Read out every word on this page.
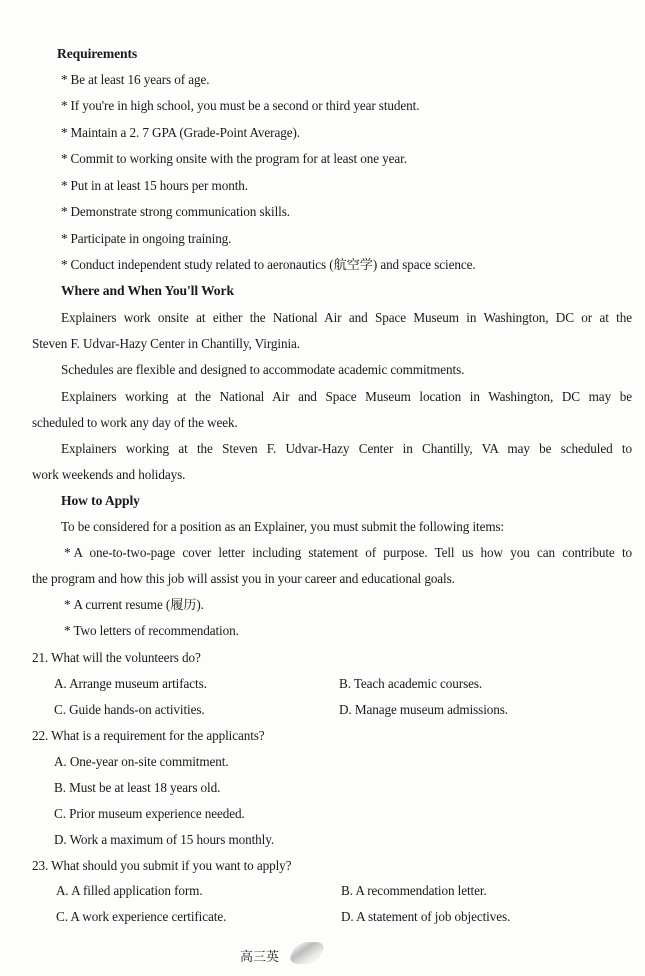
Requirements
* Be at least 16 years of age.
* If you're in high school, you must be a second or third year student.
* Maintain a 2. 7 GPA (Grade-Point Average).
* Commit to working onsite with the program for at least one year.
* Put in at least 15 hours per month.
* Demonstrate strong communication skills.
* Participate in ongoing training.
* Conduct independent study related to aeronautics (航空学) and space science.
Where and When You'll Work
Explainers work onsite at either the National Air and Space Museum in Washington, DC or at the
Steven F. Udvar-Hazy Center in Chantilly, Virginia.
Schedules are flexible and designed to accommodate academic commitments.
Explainers working at the National Air and Space Museum location in Washington, DC may be
scheduled to work any day of the week.
Explainers working at the Steven F. Udvar-Hazy Center in Chantilly, VA may be scheduled to
work weekends and holidays.
How to Apply
To be considered for a position as an Explainer, you must submit the following items:
* A one-to-two-page cover letter including statement of purpose. Tell us how you can contribute to
the program and how this job will assist you in your career and educational goals.
* A current resume (履历).
* Two letters of recommendation.
21. What will the volunteers do?
A. Arrange museum artifacts.	B. Teach academic courses.
C. Guide hands-on activities.	D. Manage museum admissions.
22. What is a requirement for the applicants?
A. One-year on-site commitment.
B. Must be at least 18 years old.
C. Prior museum experience needed.
D. Work a maximum of 15 hours monthly.
23. What should you submit if you want to apply?
A. A filled application form.	B. A recommendation letter.
C. A work experience certificate.	D. A statement of job objectives.
高三英
